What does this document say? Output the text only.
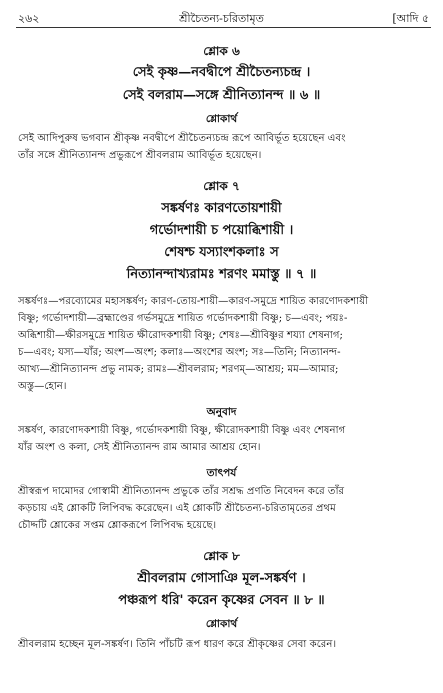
২৬২	শ্রীচৈতন্য-চরিতামৃত	[আদি ৫
শ্লোক ৬
সেই কৃষ্ণ—নবদ্বীপে শ্রীচৈতন্যচন্দ্র ।
সেই বলরাম—সঙ্গে শ্রীনিত্যানন্দ ॥ ৬ ॥
শ্লোকার্থ
সেই আদিপুরুষ ভগবান শ্রীকৃষ্ণ নবদ্বীপে শ্রীচৈতন্যচন্দ্র রূপে আবির্ভূত হয়েছেন এবং
তাঁর সঙ্গে শ্রীনিত্যানন্দ প্রভুরূপে শ্রীবলরাম আবির্ভূত হয়েছেন।
শ্লোক ৭
সঙ্কর্ষণঃ কারণতোয়শায়ী
গর্ভোদশায়ী চ পয়োব্ধিশায়ী ।
শেষশ্চ যস্যাংশকলাঃ স
নিত্যানন্দাখ্যরামঃ শরণং মমাস্তু ॥ ৭ ॥
সঙ্কর্ষণঃ—পরব্যোমের মহাসঙ্কর্ষণ; কারণ-তোয়-শায়ী—কারণ-সমুদ্রে শায়িত কারণোদকশায়ী
বিষ্ণু; গর্ভোদশায়ী—ব্রহ্মাণ্ডের গর্ভসমুদ্রে শায়িত গর্ভোদকশায়ী বিষ্ণু; চ—এবং; পয়ঃ-
অব্ধিশায়ী—ক্ষীরসমুদ্রে শায়িত ক্ষীরোদকশায়ী বিষ্ণু; শেষঃ—শ্রীবিষ্ণুর শয্যা শেষনাগ;
চ—এবং; যস্য—যাঁর; অংশ—অংশ; কলাঃ—অংশের অংশ; সঃ—তিনি; নিত্যানন্দ-
আখ্য—শ্রীনিত্যানন্দ প্রভু নামক; রামঃ—শ্রীবলরাম; শরণম্—আশ্রয়; মম—আমার;
অস্তু—হোন।
অনুবাদ
সঙ্কর্ষণ, কারণোদকশায়ী বিষ্ণু, গর্ভোদকশায়ী বিষ্ণু, ক্ষীরোদকশায়ী বিষ্ণু এবং শেষনাগ
যাঁর অংশ ও কলা, সেই শ্রীনিত্যানন্দ রাম আমার আশ্রয় হোন।
তাৎপর্য
শ্রীস্বরূপ দামোদর গোস্বামী শ্রীনিত্যানন্দ প্রভুকে তাঁর সশ্রদ্ধ প্রণতি নিবেদন করে তাঁর
কড়চায় এই শ্লোকটি লিপিবদ্ধ করেছেন। এই শ্লোকটি শ্রীচৈতন্য-চরিতামৃতের প্রথম
চৌদ্দটি শ্লোকের সপ্তম শ্লোকরূপে লিপিবদ্ধ হয়েছে।
শ্লোক ৮
শ্রীবলরাম গোসাঞি মূল-সঙ্কর্ষণ ।
পঞ্চরূপ ধরি' করেন কৃষ্ণের সেবন ॥ ৮ ॥
শ্লোকার্থ
শ্রীবলরাম হচ্ছেন মূল-সঙ্কর্ষণ। তিনি পাঁচটি রূপ ধারণ করে শ্রীকৃষ্ণের সেবা করেন।
